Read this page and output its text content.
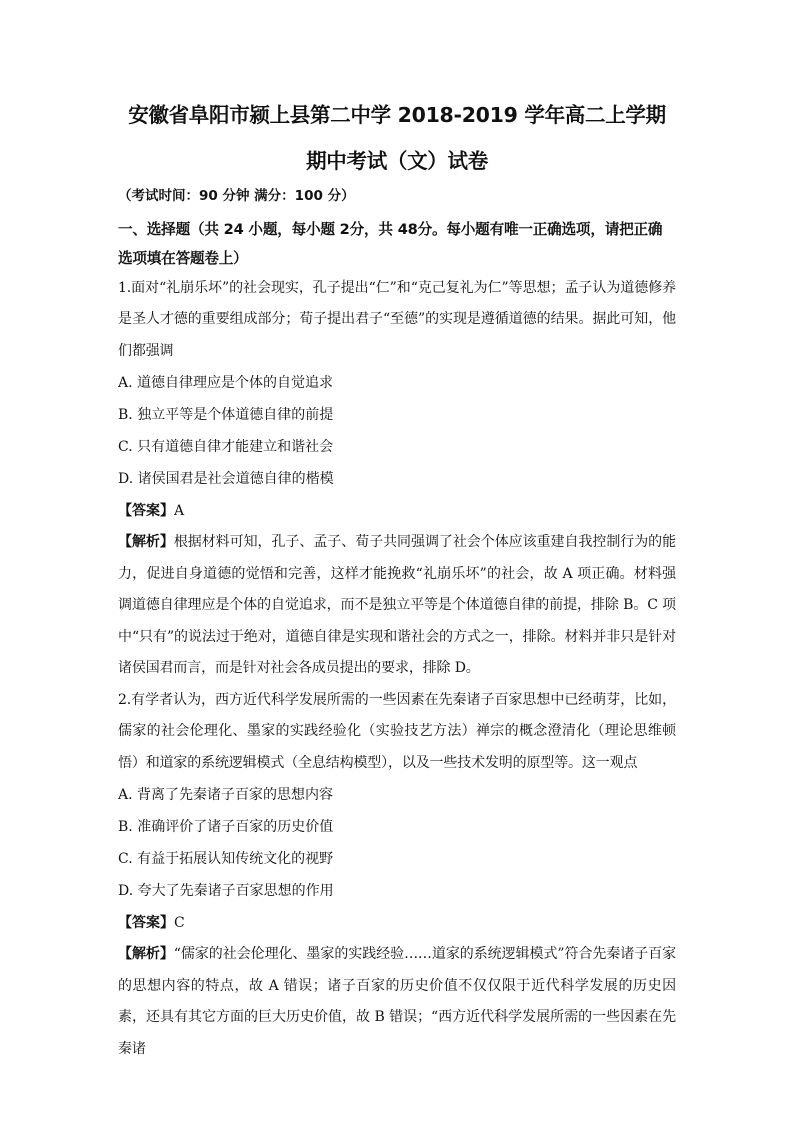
安徽省阜阳市颍上县第二中学 2018-2019 学年高二上学期
期中考试（文）试卷
（考试时间：90 分钟 满分：100 分）
一、选择题（共 24 小题，每小题 2分，共 48分。每小题有唯一正确选项，请把正确选项填在答题卷上）
1.面对“礼崩乐坏”的社会现实，孔子提出“仁”和“克己复礼为仁”等思想；孟子认为道德修养是圣人才德的重要组成部分；荀子提出君子“至德”的实现是遵循道德的结果。据此可知，他们都强调
A. 道德自律理应是个体的自觉追求
B. 独立平等是个体道德自律的前提
C. 只有道德自律才能建立和谐社会
D. 诸侯国君是社会道德自律的楷模
【答案】A
【解析】根据材料可知，孔子、孟子、荀子共同强调了社会个体应该重建自我控制行为的能力，促进自身道德的觉悟和完善，这样才能挽救“礼崩乐坏”的社会，故 A 项正确。材料强调道德自律理应是个体的自觉追求，而不是独立平等是个体道德自律的前提，排除 B。C 项中“只有”的说法过于绝对，道德自律是实现和谐社会的方式之一，排除。材料并非只是针对诸侯国君而言，而是针对社会各成员提出的要求，排除 D。
2.有学者认为，西方近代科学发展所需的一些因素在先秦诸子百家思想中已经萌芽，比如，儒家的社会伦理化、墨家的实践经验化（实验技艺方法）禅宗的概念澄清化（理论思维顿悟）和道家的系统逻辑模式（全息结构模型），以及一些技术发明的原型等。这一观点
A. 背离了先秦诸子百家的思想内容
B. 准确评价了诸子百家的历史价值
C. 有益于拓展认知传统文化的视野
D. 夸大了先秦诸子百家思想的作用
【答案】C
【解析】“儒家的社会伦理化、墨家的实践经验……道家的系统逻辑模式”符合先秦诸子百家的思想内容的特点，故 A 错误；诸子百家的历史价值不仅仅限于近代科学发展的历史因素，还具有其它方面的巨大历史价值，故 B 错误；“西方近代科学发展所需的一些因素在先秦诸
